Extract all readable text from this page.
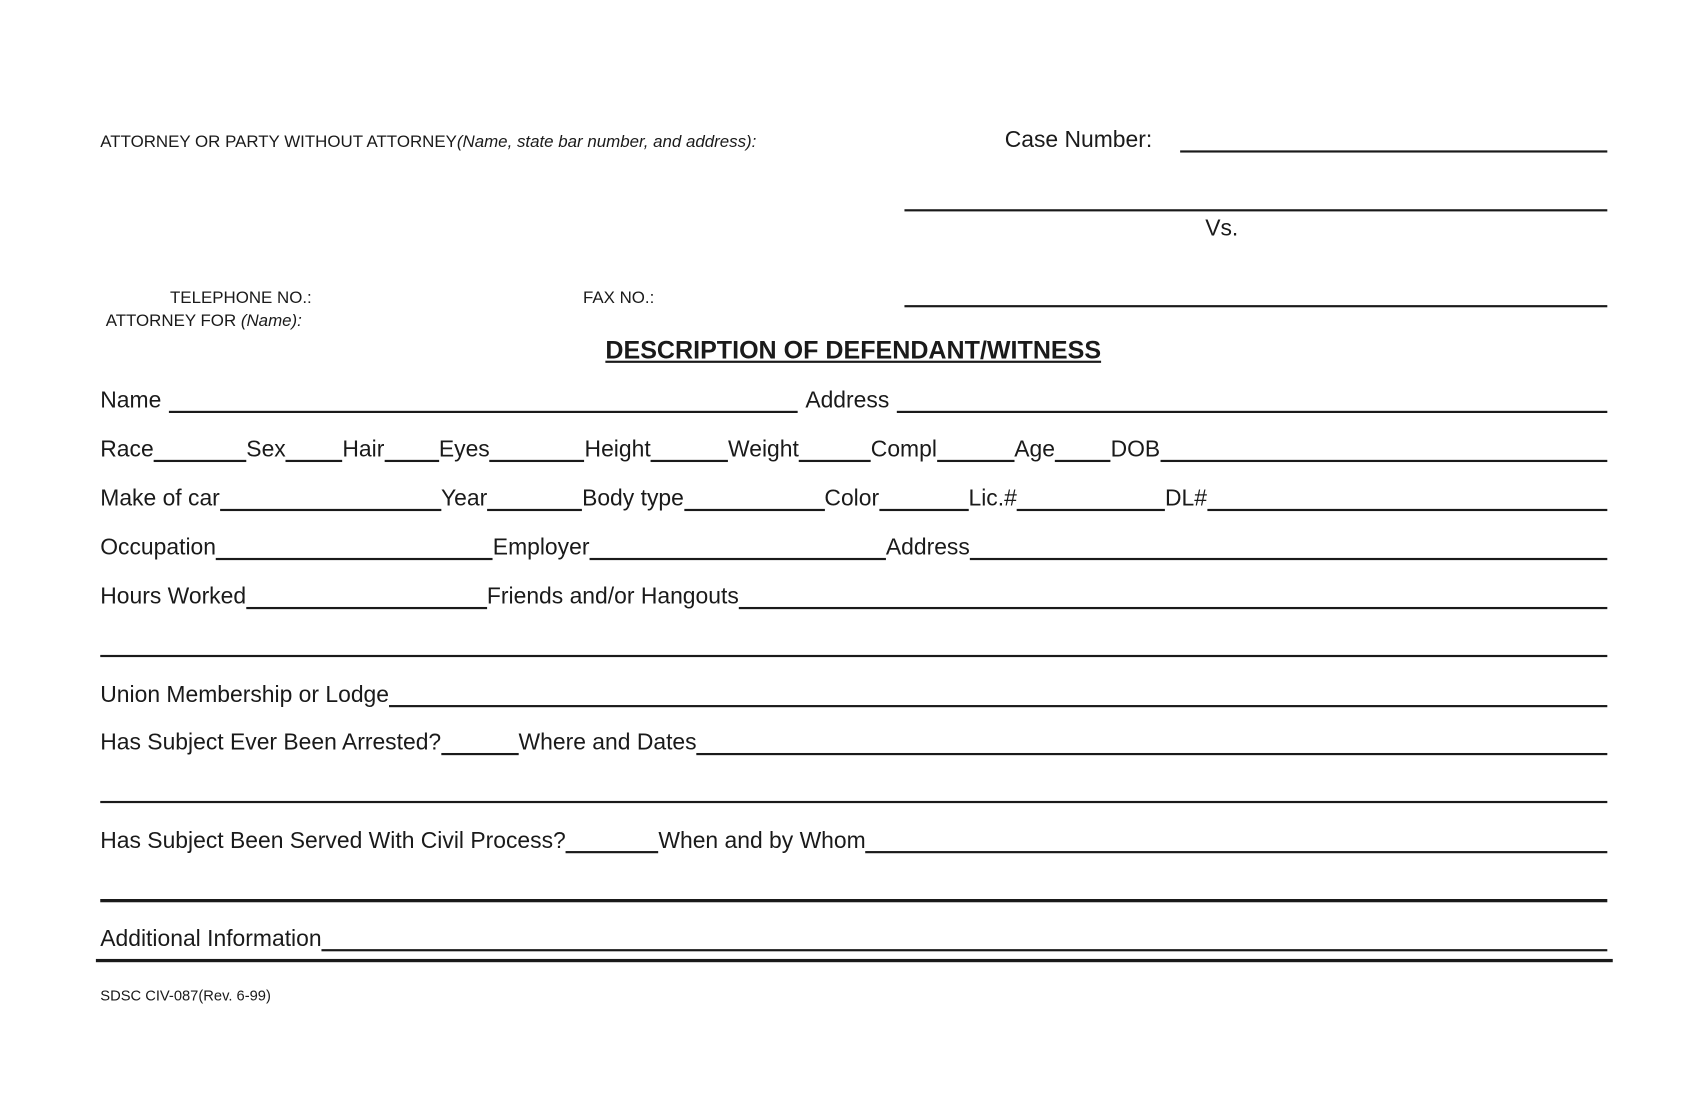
ATTORNEY OR PARTY WITHOUT ATTORNEY(Name, state bar number, and address):	Case Number:
Vs.
TELEPHONE NO.:	FAX NO.:
ATTORNEY FOR (Name):
DESCRIPTION OF DEFENDANT/WITNESS
Name	Address
Race	Sex	Hair	Eyes	Height	Weight	Compl	Age	DOB
Make of car	Year	Body type	Color	Lic.#	DL#
Occupation	Employer	Address
Hours Worked	Friends and/or Hangouts
Union Membership or Lodge
Has Subject Ever Been Arrested?	Where and Dates
Has Subject Been Served With Civil Process?	When and by Whom
Additional Information
SDSC CIV-087(Rev. 6-99)
